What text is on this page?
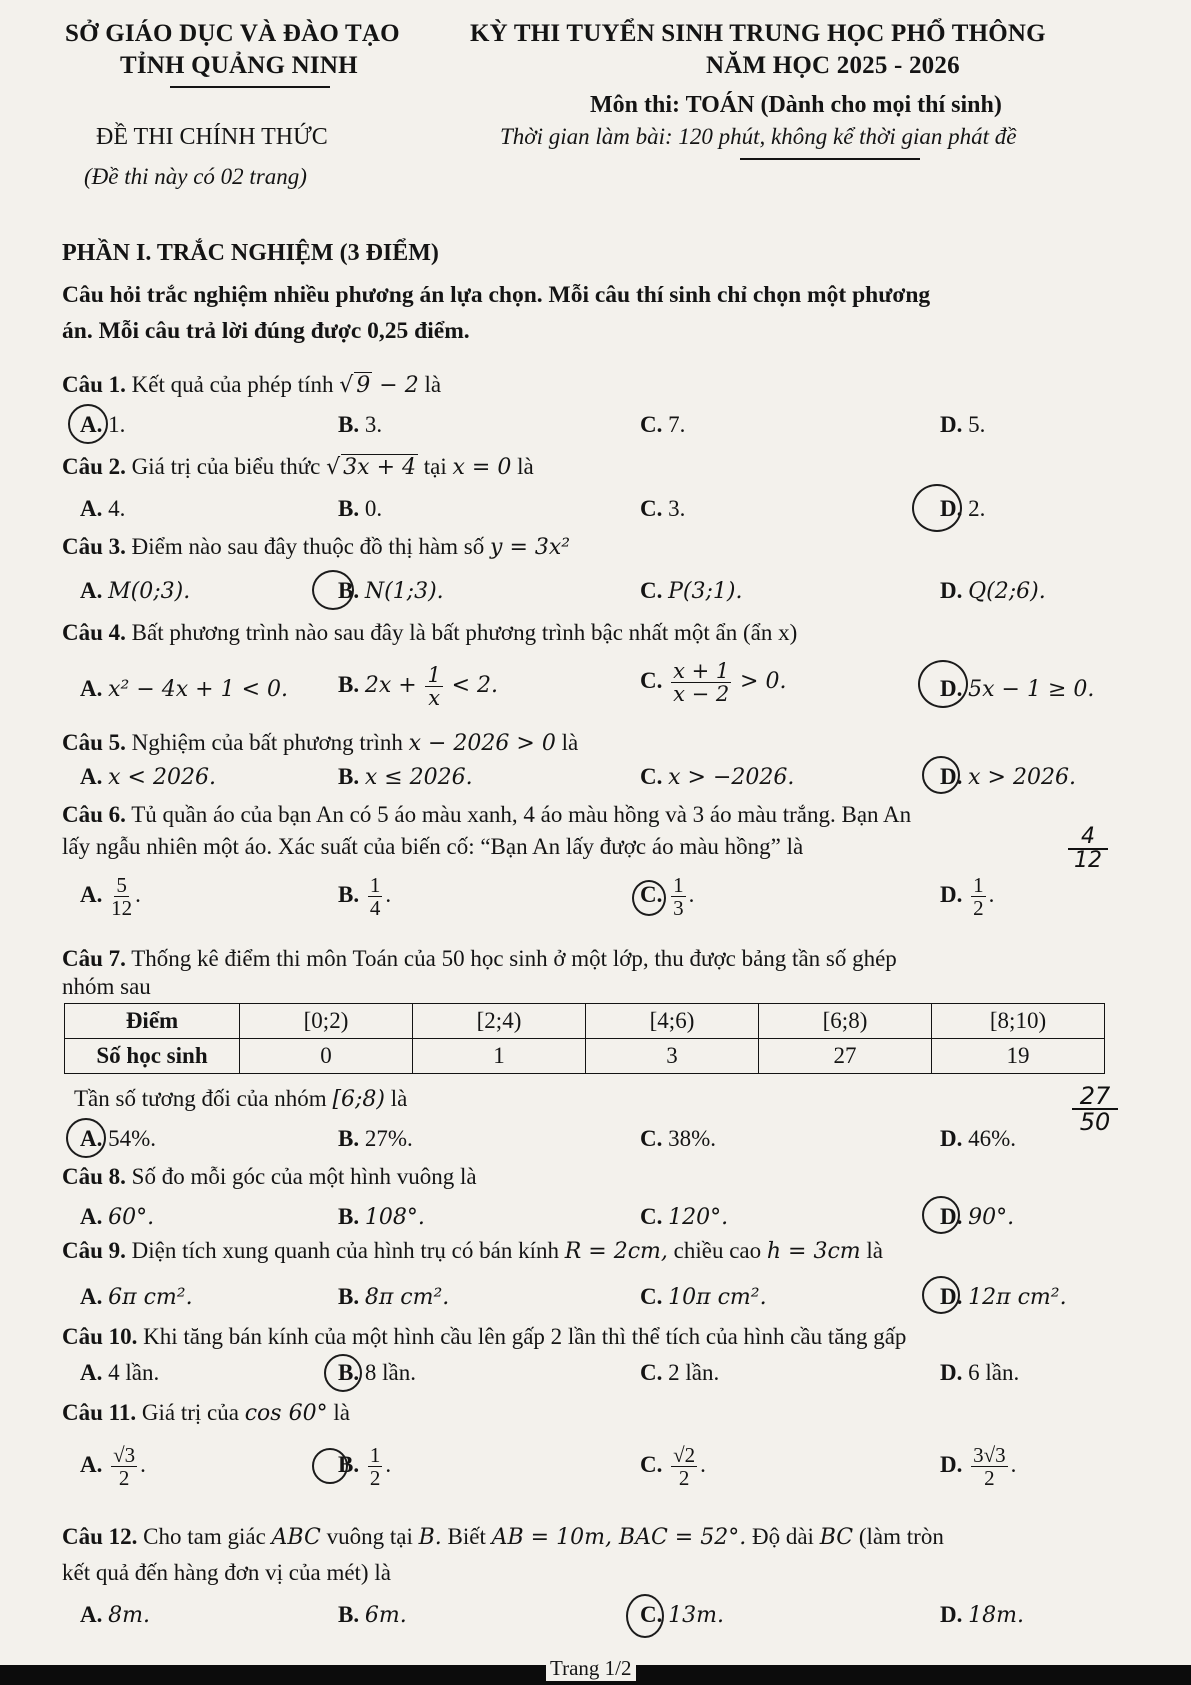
SỞ GIÁO DỤC VÀ ĐÀO TẠO
TỈNH QUẢNG NINH
KỲ THI TUYỂN SINH TRUNG HỌC PHỔ THÔNG
NĂM HỌC 2025 - 2026
Môn thi: TOÁN (Dành cho mọi thí sinh)
ĐỀ THI CHÍNH THỨC	Thời gian làm bài: 120 phút, không kể thời gian phát đề
(Đề thi này có 02 trang)
PHẦN I. TRẮC NGHIỆM (3 ĐIỂM)
Câu hỏi trắc nghiệm nhiều phương án lựa chọn. Mỗi câu thí sinh chỉ chọn một phương
án. Mỗi câu trả lời đúng được 0,25 điểm.
Câu 1. Kết quả của phép tính √ 9 − 2 là
A. 1.	B. 3.	C. 7.	D. 5.
Câu 2. Giá trị của biểu thức √ 3x + 4 tại x = 0 là
A. 4.	B. 0.	C. 3.	D. 2.
Câu 3. Điểm nào sau đây thuộc đồ thị hàm số y = 3x²
A. M(0;3).	B. N(1;3).	C. P(3;1).	D. Q(2;6).
Câu 4. Bất phương trình nào sau đây là bất phương trình bậc nhất một ẩn (ẩn x)
A. x² − 4x + 1 < 0. B. $2x + \frac{1}{x} < 2$.	C. $\frac{x + 1}{x - 2} > 0$.	D. 5x − 1 ≥ 0.
Câu 5. Nghiệm của bất phương trình x − 2026 > 0 là
A. x < 2026.	B. x ≤ 2026.	C. x > −2026.	D. x > 2026.
Câu 6. Tủ quần áo của bạn An có 5 áo màu xanh, 4 áo màu hồng và 3 áo màu trắng. Bạn An
lấy ngẫu nhiên một áo. Xác suất của biến cố: “Bạn An lấy được áo màu hồng” là	4
12
A. $\frac{5}{12}$ .	B. $\frac{1}{4}$ .	C. $\frac{1}{3}$ .	D. $\frac{1}{2}$ .
Câu 7. Thống kê điểm thi môn Toán của 50 học sinh ở một lớp, thu được bảng tần số ghép
nhóm sau
Điểm	[0;2)	[2;4)	[4;6)	[6;8)	[8;10)
Số học sinh	0	1	3	27	19
Tần số tương đối của nhóm [6;8) là	27
50
A. 54%.	B. 27%.	C. 38%.	D. 46%.
Câu 8. Số đo mỗi góc của một hình vuông là
A. 60°.	B. 108°.	C. 120°.	D. 90°.
Câu 9. Diện tích xung quanh của hình trụ có bán kính R = 2cm, chiều cao h = 3cm là
A. 6π cm².	B. 8π cm².	C. 10π cm².	D. 12π cm².
Câu 10. Khi tăng bán kính của một hình cầu lên gấp 2 lần thì thể tích của hình cầu tăng gấp
A. 4 lần.	B. 8 lần.	C. 2 lần.	D. 6 lần.
Câu 11. Giá trị của cos 60° là
A. $\frac{√3}{2}$ .	B. $\frac{1}{2}$ .	C. $\frac{√2}{2}$ .	D. $\frac{3√3}{2}$ .
Câu 12. Cho tam giác ABC vuông tại B. Biết AB = 10m, BAC = 52°. Độ dài BC (làm tròn
kết quả đến hàng đơn vị của mét) là
A. 8m.	B. 6m.	C. 13m.	D. 18m.
Trang 1/2
